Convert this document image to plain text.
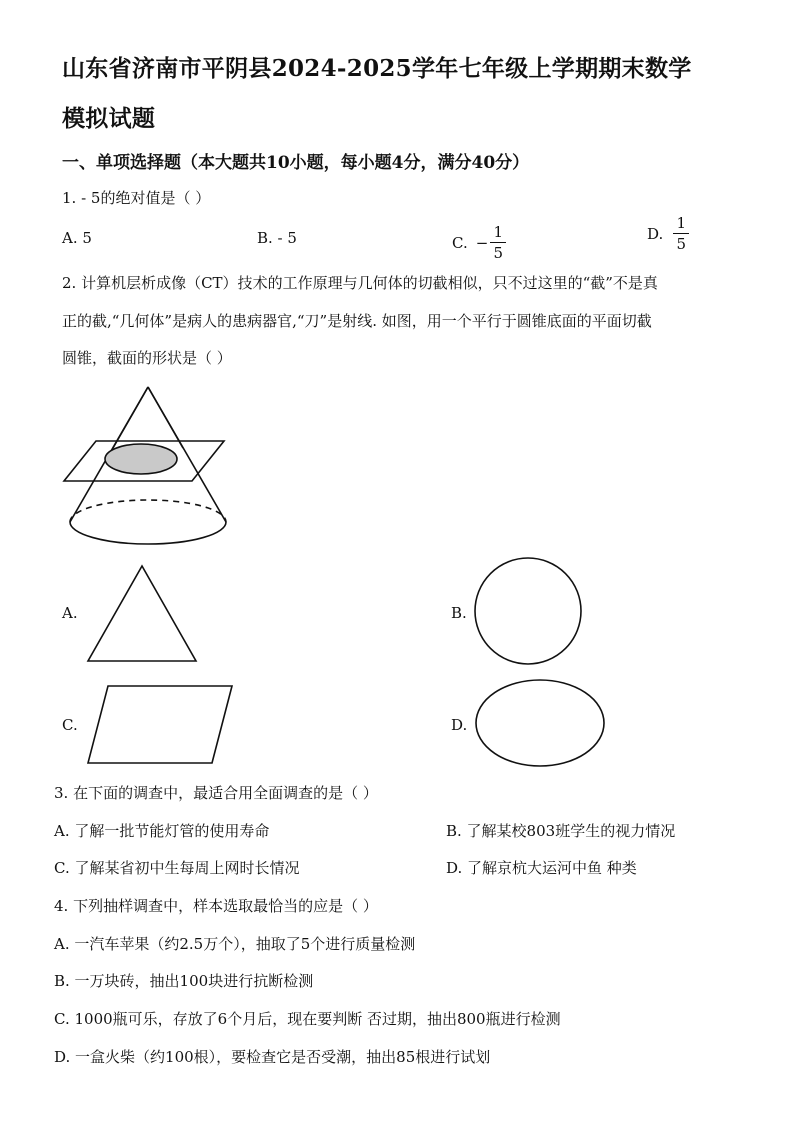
山东省济南市平阴县2024-2025学年七年级上学期期末数学
模拟试题
一、单项选择题（本大题共10小题，每小题4分，满分40分）
1. - 5的绝对值是（ ）
A. 5	B. - 5	C. − $\frac{1}{5}$	D. $\frac{1}{5}$
2. 计算机层析成像（CT）技术的工作原理与几何体的切截相似，只不过这里的“截”不是真
正的截,“几何体”是病人的患病器官,“刀”是射线. 如图，用一个平行于圆锥底面的平面切截
圆锥，截面的形状是（ ）
A.	B.
C.	D.
3. 在下面的调查中，最适合用全面调查的是（ ）
A. 了解一批节能灯管的使用寿命	B. 了解某校803班学生的视力情况
C. 了解某省初中生每周上网时长情况	D. 了解京杭大运河中鱼 种类
4. 下列抽样调查中，样本选取最恰当的应是（ ）
A. 一汽车苹果（约2.5万个），抽取了5个进行质量检测
B. 一万块砖，抽出100块进行抗断检测
C. 1000瓶可乐，存放了6个月后，现在要判断 否过期，抽出800瓶进行检测
D. 一盒火柴（约100根），要检查它是否受潮，抽出85根进行试划
